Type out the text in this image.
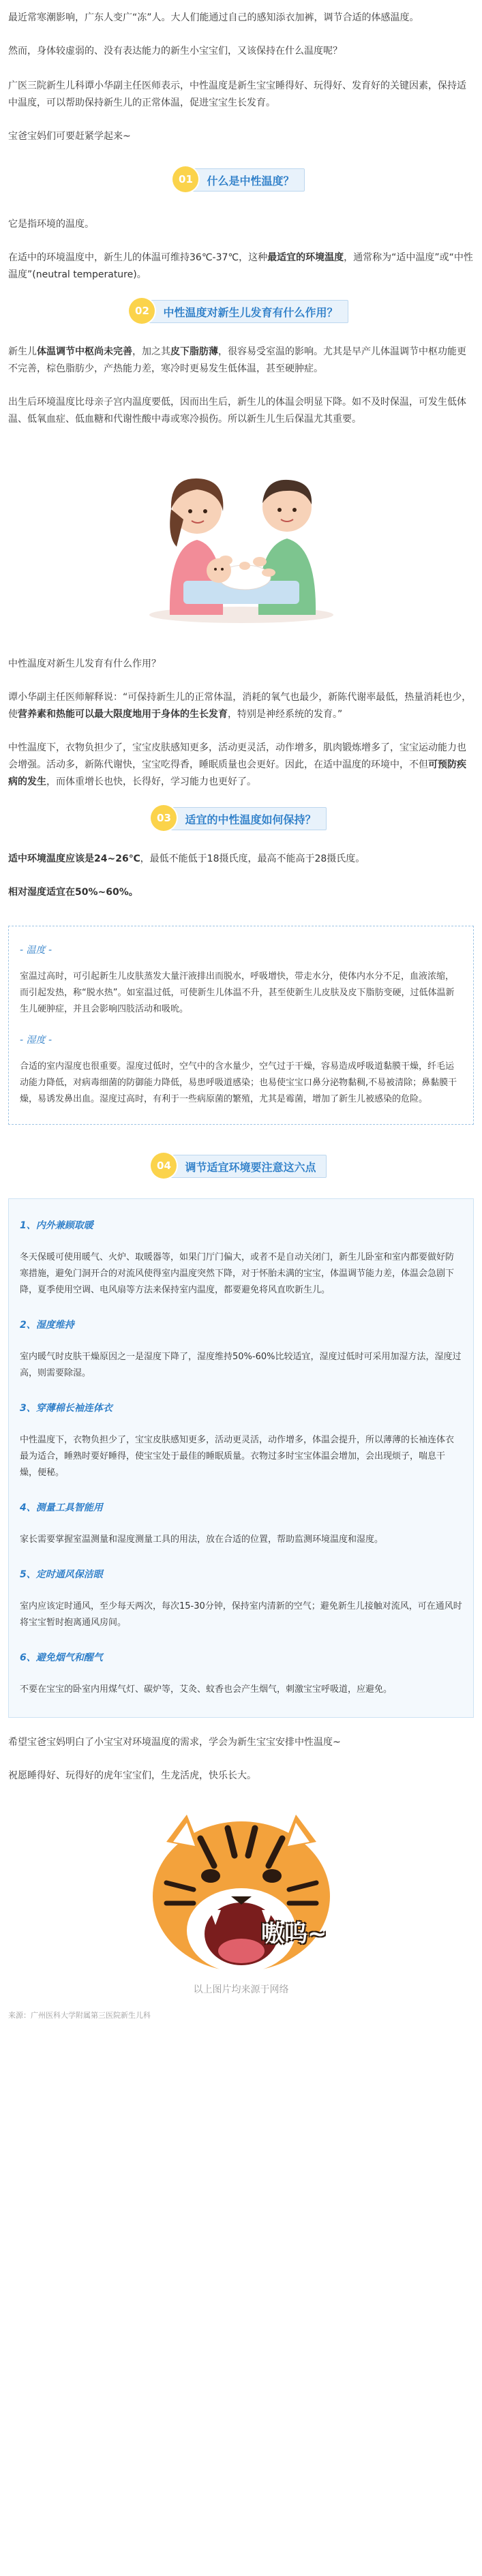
最近常寒潮影响，广东人变广“冻”人。大人们能通过自己的感知添衣加裤，调节合适的体感温度。

然而，身体较虚弱的、没有表达能力的新生小宝宝们，又该保持在什么温度呢？

广医三院新生儿科谭小华副主任医师表示，中性温度是新生宝宝睡得好、玩得好、发育好的关键因素，保持适中温度，可以帮助保持新生儿的正常体温，促进宝宝生长发育。

宝爸宝妈们可要赶紧学起来~

01	什么是中性温度？

它是指环境的温度。

在适中的环境温度中，新生儿的体温可维持36℃-37℃，这种最适宜的环境温度，通常称为“适中温度”或“中性温度”(neutral temperature)。

02	中性温度对新生儿发育有什么作用？

新生儿体温调节中枢尚未完善，加之其皮下脂肪薄，很容易受室温的影响。尤其是早产儿体温调节中枢功能更不完善，棕色脂肪少，产热能力差，寒冷时更易发生低体温，甚至硬肿症。

出生后环境温度比母亲子宫内温度要低，因而出生后，新生儿的体温会明显下降。如不及时保温，可发生低体温、低氧血症、低血糖和代谢性酸中毒或寒冷损伤。所以新生儿生后保温尤其重要。

中性温度对新生儿发育有什么作用？

谭小华副主任医师解释说：“可保持新生儿的正常体温，消耗的氧气也最少，新陈代谢率最低，热量消耗也少，使营养素和热能可以最大限度地用于身体的生长发育，特别是神经系统的发育。”

中性温度下，衣物负担少了，宝宝皮肤感知更多，活动更灵活，动作增多，肌肉锻炼增多了，宝宝运动能力也会增强。活动多，新陈代谢快，宝宝吃得香，睡眠质量也会更好。因此，在适中温度的环境中，不但可预防疾病的发生，而体重增长也快，长得好，学习能力也更好了。

03	适宜的中性温度如何保持？

适中环境温度应该是24~26℃，最低不能低于18摄氏度，最高不能高于28摄氏度。

相对湿度适宜在50%~60%。

- 温度 -

室温过高时，可引起新生儿皮肤蒸发大量汗液排出而脱水，呼吸增快，带走水分，使体内水分不足，血液浓缩，而引起发热，称“脱水热”。如室温过低，可使新生儿体温不升，甚至使新生儿皮肤及皮下脂肪变硬，过低体温新生儿硬肿症，并且会影响四肢活动和吸吮。

- 湿度 -

合适的室内湿度也很重要。湿度过低时，空气中的含水量少，空气过于干燥，容易造成呼吸道黏膜干燥，纤毛运动能力降低，对病毒细菌的防御能力降低，易患呼吸道感染；也易使宝宝口鼻分泌物黏稠,不易被清除；鼻黏膜干燥，易诱发鼻出血。湿度过高时，有利于一些病原菌的繁殖，尤其是霉菌，增加了新生儿被感染的危险。

04	调节适宜环境要注意这六点
1、内外兼顾取暖

冬天保暖可使用暖气、火炉、取暖器等，如果门厅门偏大，或者不是自动关闭门，新生儿卧室和室内都要做好防寒措施，避免门洞开合的对流风使得室内温度突然下降，对于怀胎未满的宝宝，体温调节能力差，体温会急剧下降，夏季使用空调、电风扇等方法来保持室内温度，都要避免将风直吹新生儿。

2、湿度维持

室内暖气时皮肤干燥原因之一是湿度下降了，湿度维持50%-60%比较适宜，湿度过低时可采用加湿方法，湿度过高，则需要除湿。

3、穿薄棉长袖连体衣

中性温度下，衣物负担少了，宝宝皮肤感知更多，活动更灵活，动作增多，体温会提升，所以薄薄的长袖连体衣最为适合，睡熟时要好睡得，使宝宝处于最佳的睡眠质量。衣物过多时宝宝体温会增加，会出现烦子，喘息干燥，便秘。

4、测量工具智能用

家长需要掌握室温测量和湿度测量工具的用法，放在合适的位置，帮助监测环境温度和湿度。

5、定时通风保洁眼

室内应该定时通风，至少每天两次，每次15-30分钟，保持室内清新的空气；避免新生儿接触对流风，可在通风时将宝宝暂时抱离通风房间。

6、避免烟气和醒气

不要在宝宝的卧室内用煤气灯、碳炉等，艾灸、蚊香也会产生烟气，刺激宝宝呼吸道，应避免。

希望宝爸宝妈明白了小宝宝对环境温度的需求，学会为新生宝宝安排中性温度~

祝愿睡得好、玩得好的虎年宝宝们，生龙活虎，快乐长大。

嗷呜~
以上图片均来源于网络
来源：广州医科大学附属第三医院新生儿科
